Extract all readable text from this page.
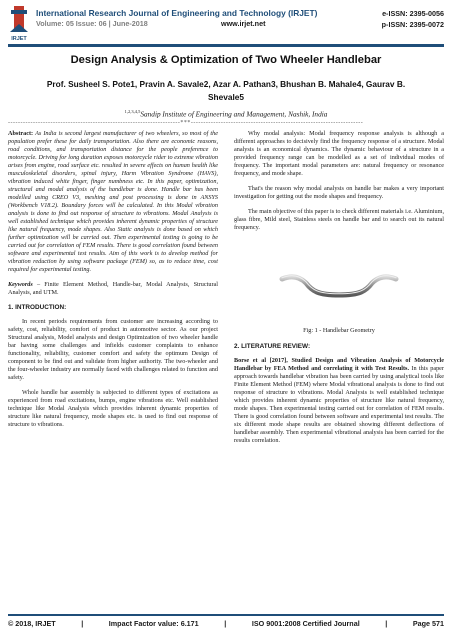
IRJET
International Research Journal of Engineering and Technology (IRJET)
Volume: 05 Issue: 06 | June-2018	www.irjet.net
e-ISSN: 2395-0056
p-ISSN: 2395-0072
Design Analysis & Optimization of Two Wheeler Handlebar
Prof. Susheel S. Pote1, Pravin A. Savale2, Azar A. Pathan3, Bhushan B. Mahale4, Gaurav B. Shevale5
$^{1,2,3,4,5}$Sandip Institute of Engineering and Management, Nashik, India
---------------------------------------------------------------------***---------------------------------------------------------------------

Abstract: As India is second largest manufacturer of two wheelers, so most of the population prefer these for daily transportation. Also there are economic reasons, road conditions, and transportation distance for the people preference to motorcycle. Driving for long duration exposes motorcycle rider to extreme vibration arises from engine, road surface etc. resulted in severe effects on human health like musculoskeletal disorders, spinal injury, Harm Vibration Syndrome (HAVS), vibration induced white finger, finger numbness etc. In this paper, optimization, structural and modal analysis of the handlebar is done. Handle bar has been modelled using CREO V3, meshing and post processing is done in ANSYS (Workbench V18.2). Boundary forces will be calculated. In this Modal vibration analysis is done to find out response of structure to vibrations. Modal Analysis is well established technique which provides inherent dynamic properties of structure like natural frequency, mode shapes. Also Static analysis is done based on which further optimization will be carried out. Then experimental testing is going to be carried out for correlation of FEM results. There is good correlation found between software and experimental test results. Aim of this work is to develop method for vibration reduction by using software package (FEM) so, as to reduce time, cost required for experimental testing.

Keywords – Finite Element Method, Handle-bar, Modal Analysis, Structural Analysis, and UTM.

1. INTRODUCTION:

In recent periods requirements from customer are increasing according to safety, cost, reliability, comfort of product in automotive sector. As our project Structural analysis, Model analysis and design Optimization of two wheeler handle bar having some challenges and infields customer complaints to enhance functionality, reliability, customer comfort and safety the optimum Design of component to be find out and validate from higher authority. The two-wheeler and the four-wheeler industry are normally faced with challenges related to function and safety.

Whole handle bar assembly is subjected to different types of excitations as experienced from road excitations, bumps, engine vibrations etc. Well established technique like Modal Analysis which provides inherent dynamic properties of structure like natural frequency, mode shapes etc. is used to find out response of structure to vibrations.

Why modal analysis: Modal frequency response analysis is although a different approaches to decisively find the frequency response of a structure. Modal analysis is an economical dynamics. The dynamic behaviour of a structure in a provided frequency range can be modelled as a set of individual modes of frequency. The important modal parameters are: natural frequency or resonance frequency, and mode shape.

That's the reason why modal analysis on handle bar makes a very important investigation for getting out the mode shapes and frequency.

The main objective of this paper is to check different materials i.e. Aluminium, glass fibre, Mild steel, Stainless steels on handle bar and to search out its natural frequency.

Fig: 1 - Handlebar Geometry
2. LITERATURE REVIEW:

Borse et al [2017], Studied Design and Vibration Analysis of Motorcycle Handlebar by FEA Method and correlating it with Test Results. In this paper approach towards handlebar vibration has been carried by using analytical tools like Finite Element Method (FEM) where Modal vibrational analysis is done to find out response of structure to vibrations. Modal Analysis is well established technique which provides inherent dynamic properties of structure like natural frequency, mode shapes. Then experimental testing carried out for correlation of FEM results. There is good correlation found between software and experimental test results. The six different mode shape results are obtained showing different deflections of handlebar assembly. Then experimental vibrational analysis has been carried for the results correlation.

© 2018, IRJET	|	Impact Factor value: 6.171	|	ISO 9001:2008 Certified Journal	|	Page 571
